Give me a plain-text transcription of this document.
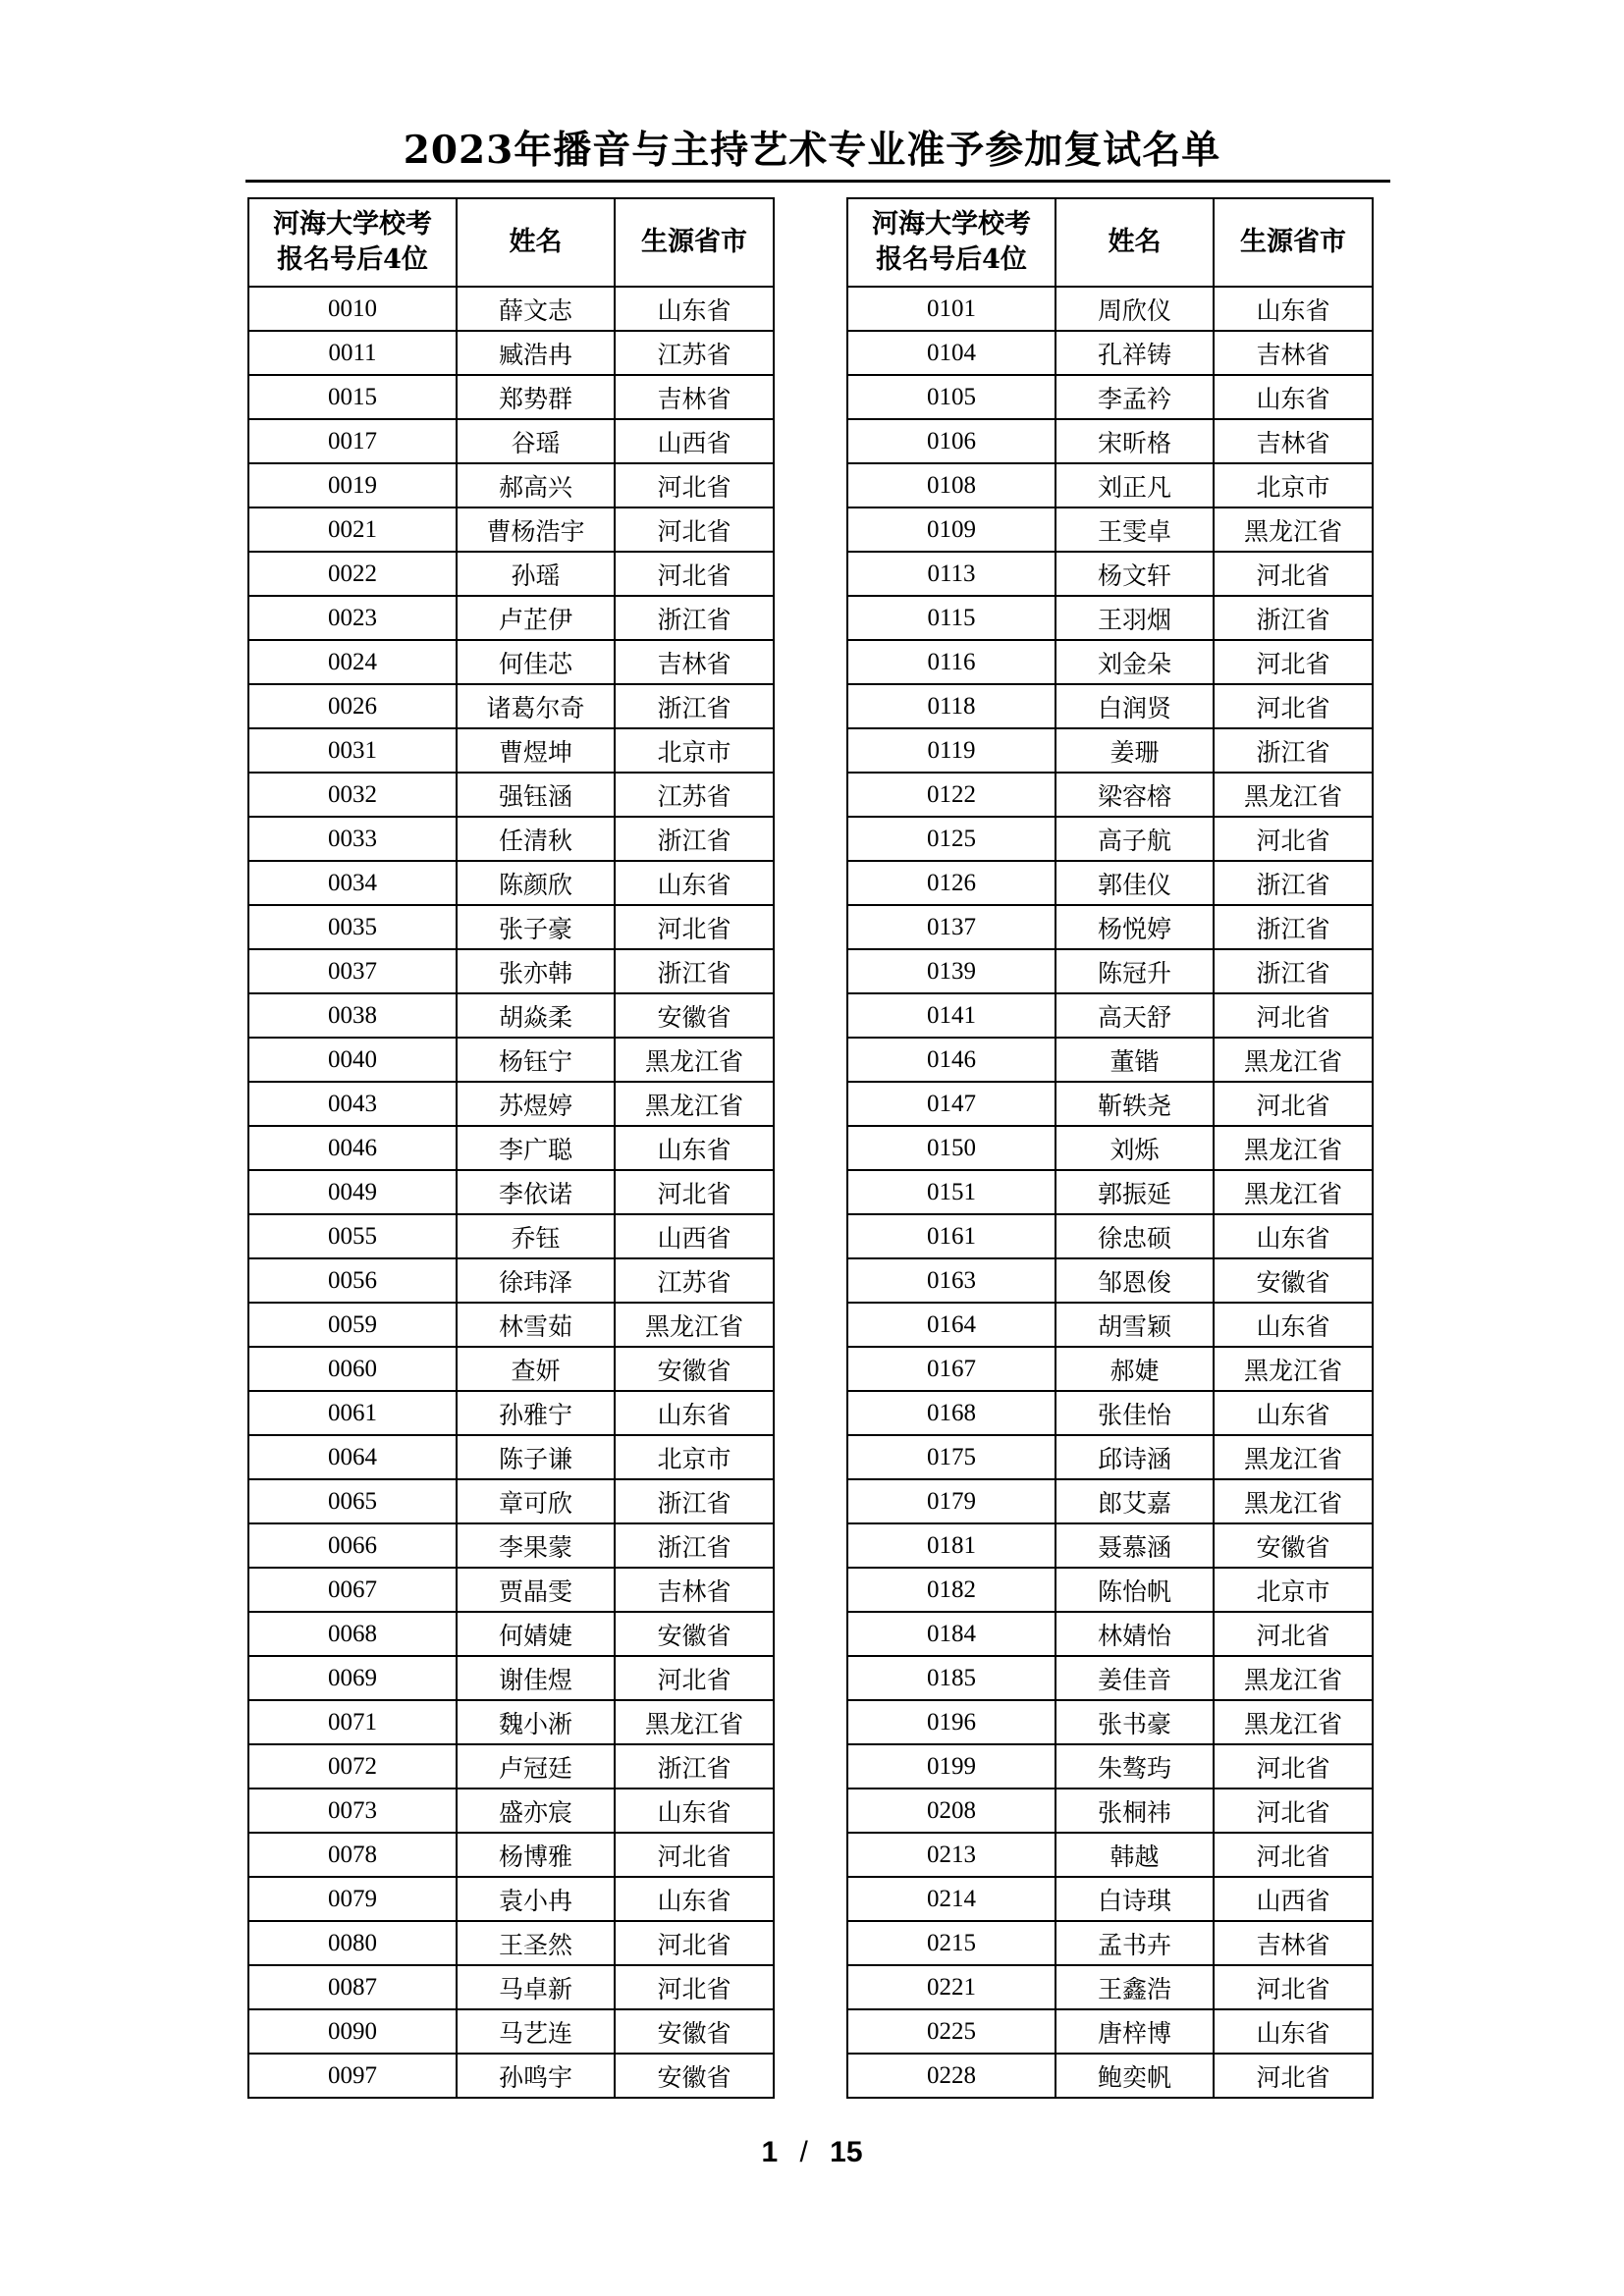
2023年播音与主持艺术专业准予参加复试名单
河海大学校考
报名号后4位	姓名	生源省市
0010	薛文志	山东省
0011	臧浩冉	江苏省
0015	郑势群	吉林省
0017	谷瑶	山西省
0019	郝高兴	河北省
0021	曹杨浩宇	河北省
0022	孙瑶	河北省
0023	卢芷伊	浙江省
0024	何佳芯	吉林省
0026	诸葛尔奇	浙江省
0031	曹煜坤	北京市
0032	强钰涵	江苏省
0033	任清秋	浙江省
0034	陈颜欣	山东省
0035	张子豪	河北省
0037	张亦韩	浙江省
0038	胡焱柔	安徽省
0040	杨钰宁	黑龙江省
0043	苏煜婷	黑龙江省
0046	李广聪	山东省
0049	李依诺	河北省
0055	乔钰	山西省
0056	徐玮泽	江苏省
0059	林雪茹	黑龙江省
0060	查妍	安徽省
0061	孙雅宁	山东省
0064	陈子谦	北京市
0065	章可欣	浙江省
0066	李果蒙	浙江省
0067	贾晶雯	吉林省
0068	何婧婕	安徽省
0069	谢佳煜	河北省
0071	魏小淅	黑龙江省
0072	卢冠廷	浙江省
0073	盛亦宸	山东省
0078	杨博雅	河北省
0079	袁小冉	山东省
0080	王圣然	河北省
0087	马卓新	河北省
0090	马艺连	安徽省
0097	孙鸣宇	安徽省
河海大学校考
报名号后4位	姓名	生源省市
0101	周欣仪	山东省
0104	孔祥铸	吉林省
0105	李孟衿	山东省
0106	宋昕格	吉林省
0108	刘正凡	北京市
0109	王雯卓	黑龙江省
0113	杨文轩	河北省
0115	王羽烟	浙江省
0116	刘金朵	河北省
0118	白润贤	河北省
0119	姜珊	浙江省
0122	梁容榕	黑龙江省
0125	高子航	河北省
0126	郭佳仪	浙江省
0137	杨悦婷	浙江省
0139	陈冠升	浙江省
0141	高天舒	河北省
0146	董锴	黑龙江省
0147	靳轶尧	河北省
0150	刘烁	黑龙江省
0151	郭振延	黑龙江省
0161	徐忠硕	山东省
0163	邹恩俊	安徽省
0164	胡雪颖	山东省
0167	郝婕	黑龙江省
0168	张佳怡	山东省
0175	邱诗涵	黑龙江省
0179	郎艾嘉	黑龙江省
0181	聂慕涵	安徽省
0182	陈怡帆	北京市
0184	林婧怡	河北省
0185	姜佳音	黑龙江省
0196	张书豪	黑龙江省
0199	朱骜玙	河北省
0208	张桐祎	河北省
0213	韩越	河北省
0214	白诗琪	山西省
0215	孟书卉	吉林省
0221	王鑫浩	河北省
0225	唐梓博	山东省
0228	鲍奕帆	河北省
1 / 15
